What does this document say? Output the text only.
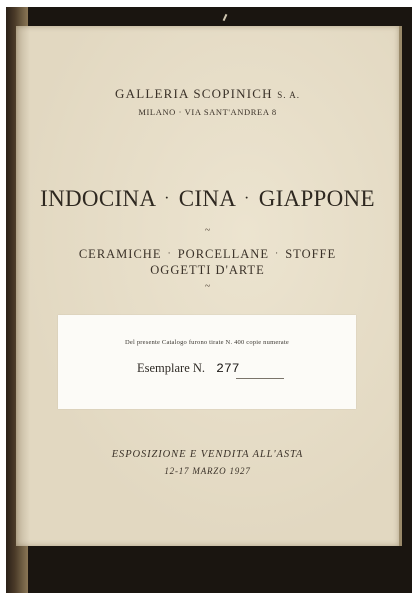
GALLERIA SCOPINICH S. A.
MILANO · VIA SANT'ANDREA 8
INDOCINA · CINA · GIAPPONE
~
CERAMICHE · PORCELLANE · STOFFE
OGGETTI D'ARTE
~
Del presente Catalogo furono tirate N. 400 copie numerate
Esemplare N. 277
ESPOSIZIONE E VENDITA ALL'ASTA
12-17 MARZO 1927
